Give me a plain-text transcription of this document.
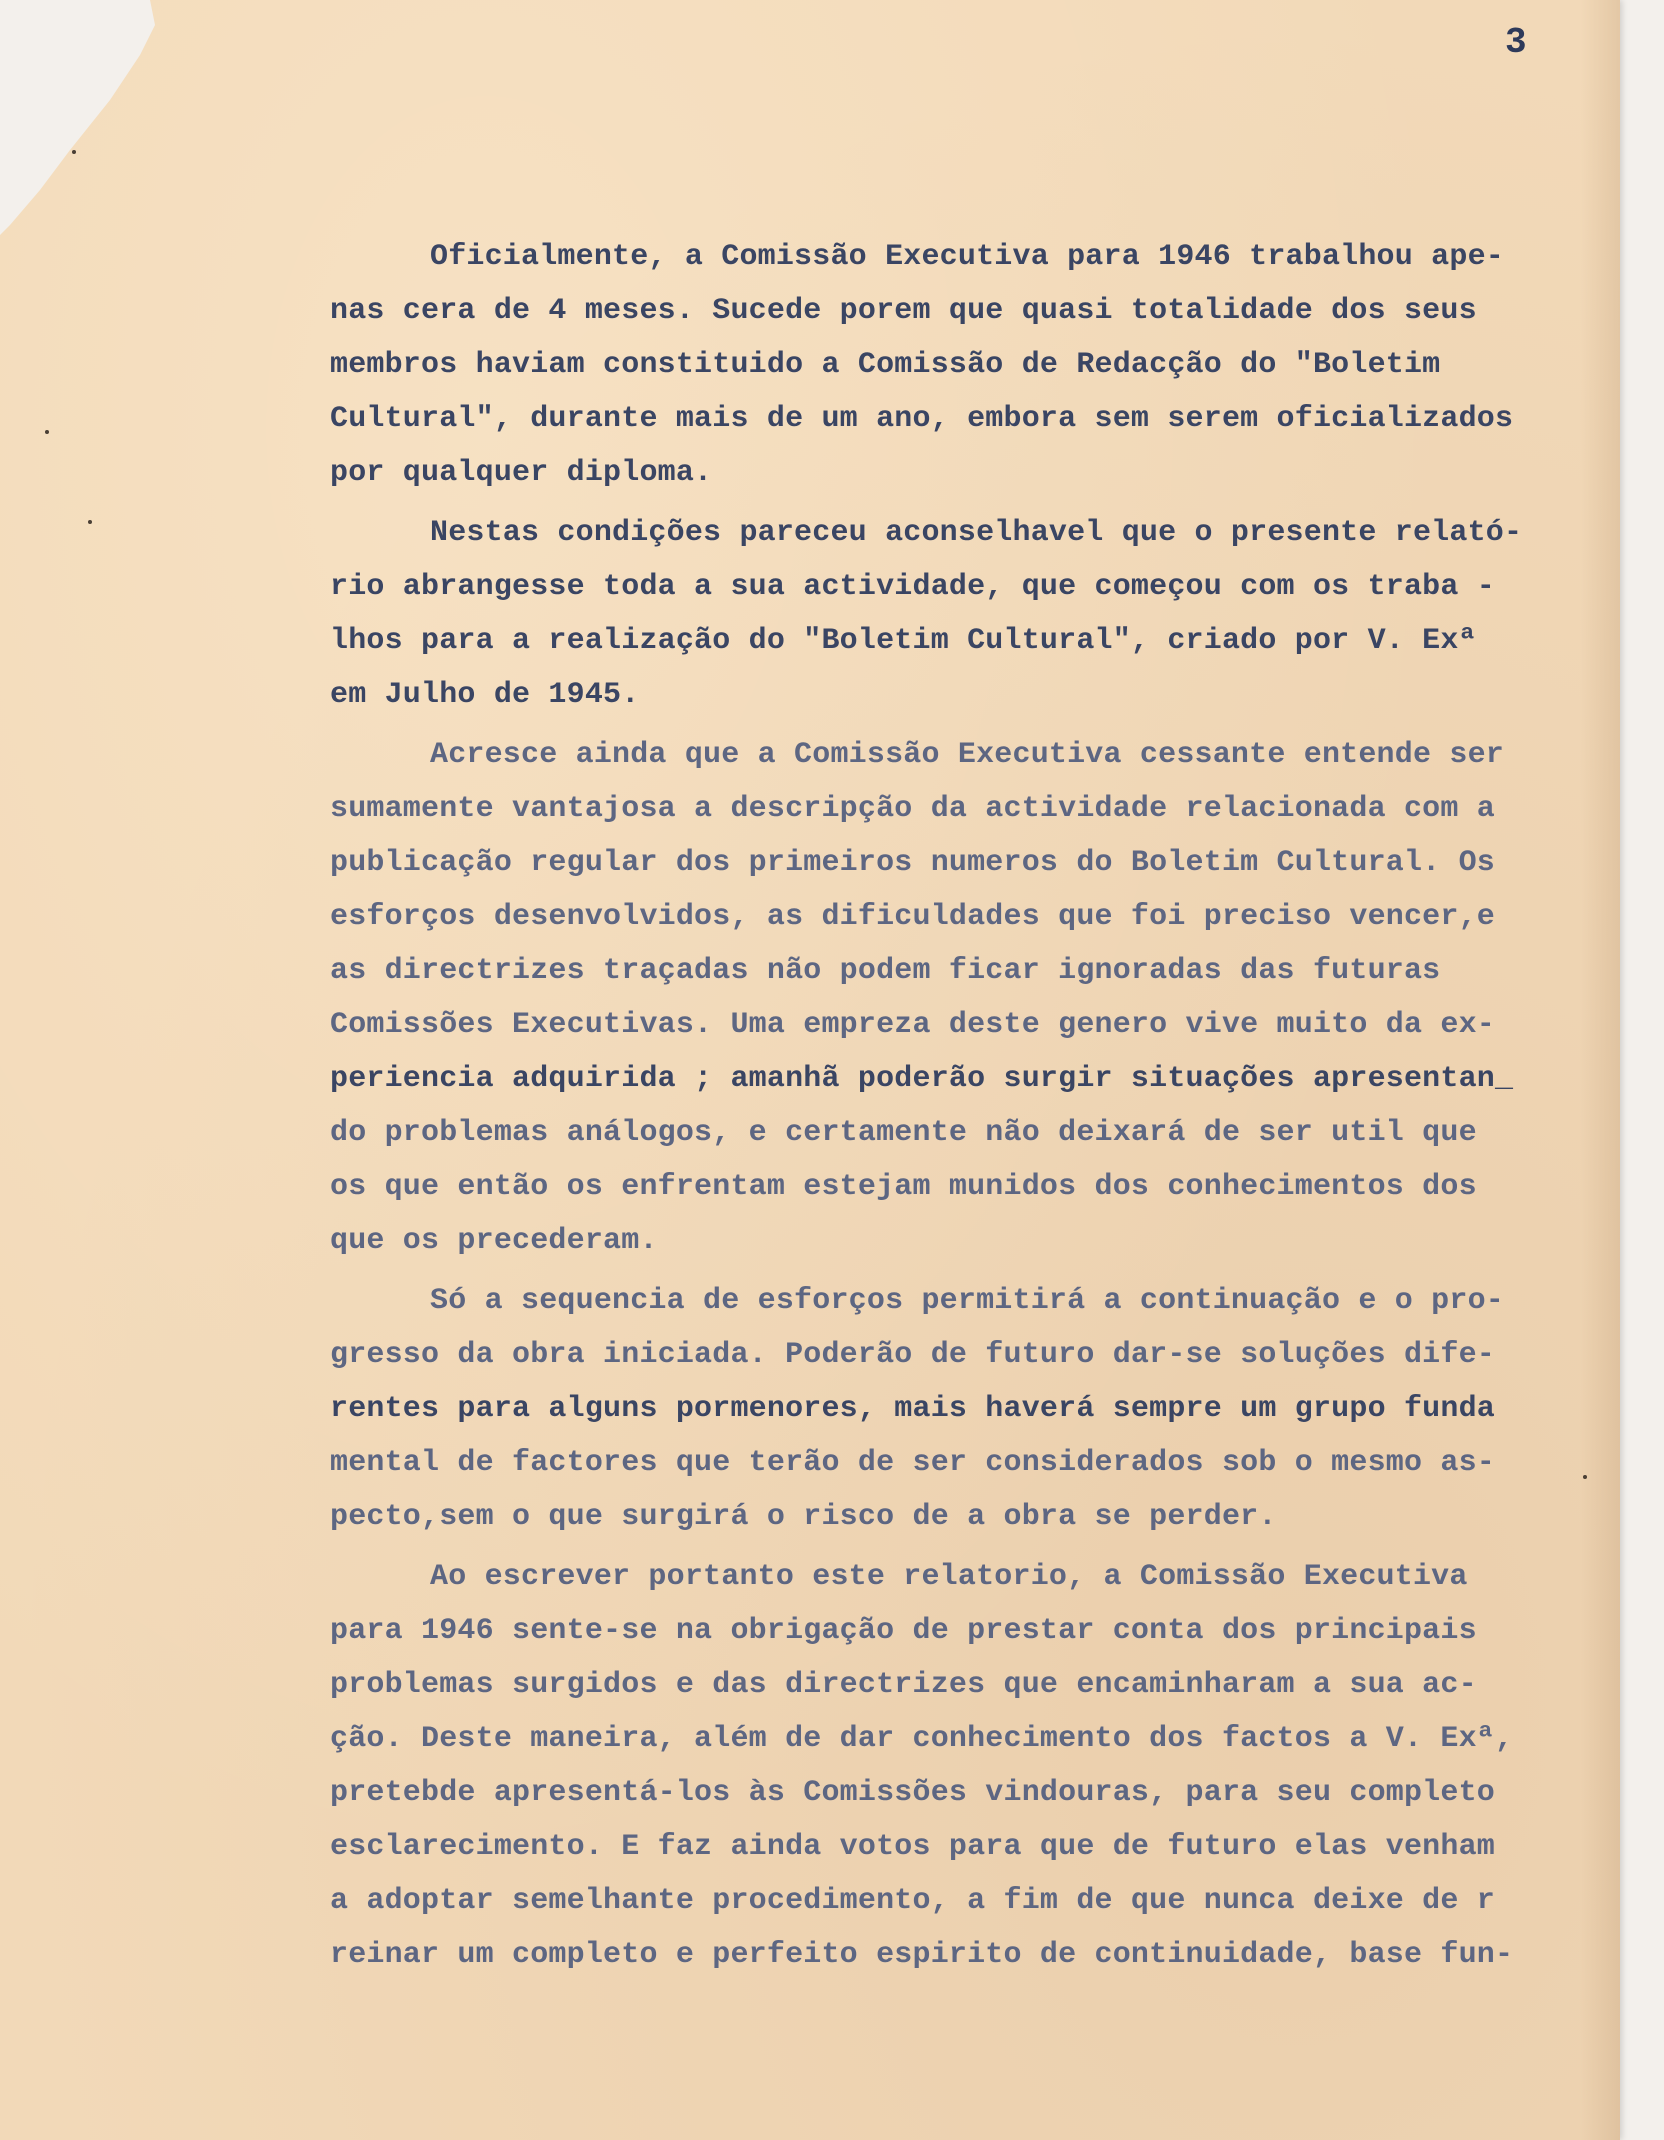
3
Oficialmente, a Comissão Executiva para 1946 trabalhou ape-
nas cera de 4 meses. Sucede porem que quasi totalidade dos seus
membros haviam constituido a Comissão de Redacção do "Boletim
Cultural", durante mais de um ano, embora sem serem oficializados
por qualquer diploma.
Nestas condições pareceu aconselhavel que o presente relató-
rio abrangesse toda a sua actividade, que começou com os traba -
lhos para a realização do "Boletim Cultural", criado por V. Exª
em Julho de 1945.
Acresce ainda que a Comissão Executiva cessante entende ser
sumamente vantajosa a descripção da actividade relacionada com a
publicação regular dos primeiros numeros do Boletim Cultural. Os
esforços desenvolvidos, as dificuldades que foi preciso vencer,e
as directrizes traçadas não podem ficar ignoradas das futuras
Comissões Executivas. Uma empreza deste genero vive muito da ex-
periencia adquirida ; amanhã poderão surgir situações apresentan_
do problemas análogos, e certamente não deixará de ser util que
os que então os enfrentam estejam munidos dos conhecimentos dos
que os precederam.
Só a sequencia de esforços permitirá a continuação e o pro-
gresso da obra iniciada. Poderão de futuro dar-se soluções dife-
rentes para alguns pormenores, mais haverá sempre um grupo funda
mental de factores que terão de ser considerados sob o mesmo as-
pecto,sem o que surgirá o risco de a obra se perder.
Ao escrever portanto este relatorio, a Comissão Executiva
para 1946 sente-se na obrigação de prestar conta dos principais
problemas surgidos e das directrizes que encaminharam a sua ac-
ção. Deste maneira, além de dar conhecimento dos factos a V. Exª,
pretebde apresentá-los às Comissões vindouras, para seu completo
esclarecimento. E faz ainda votos para que de futuro elas venham
a adoptar semelhante procedimento, a fim de que nunca deixe de r
reinar um completo e perfeito espirito de continuidade, base fun-
